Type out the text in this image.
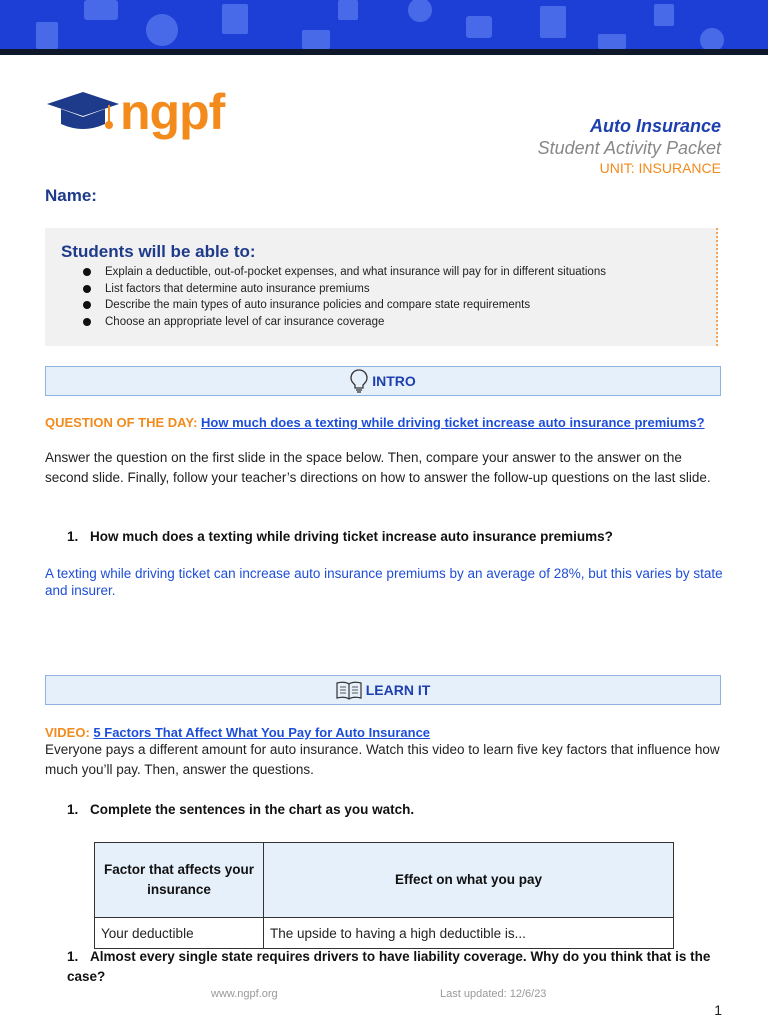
ngpf	Auto Insurance
Student Activity Packet
UNIT: INSURANCE
Name:
Students will be able to:
Explain a deductible, out-of-pocket expenses, and what insurance will pay for in different situations
List factors that determine auto insurance premiums
Describe the main types of auto insurance policies and compare state requirements
Choose an appropriate level of car insurance coverage
INTRO
QUESTION OF THE DAY: How much does a texting while driving ticket increase auto insurance premiums?
Answer the question on the first slide in the space below. Then, compare your answer to the answer on the second slide. Finally, follow your teacher’s directions on how to answer the follow-up questions on the last slide.
1. How much does a texting while driving ticket increase auto insurance premiums?
A texting while driving ticket can increase auto insurance premiums by an average of 28%, but this varies by state and insurer.
LEARN IT
VIDEO: 5 Factors That Affect What You Pay for Auto Insurance
Everyone pays a different amount for auto insurance. Watch this video to learn five key factors that influence how much you’ll pay. Then, answer the questions.
1. Complete the sentences in the chart as you watch.
Factor that affects your insurance	Effect on what you pay
Your deductible	The upside to having a high deductible is...
1. Almost every single state requires drivers to have liability coverage. Why do you think that is the case?
www.ngpf.org	Last updated: 12/6/23
1
